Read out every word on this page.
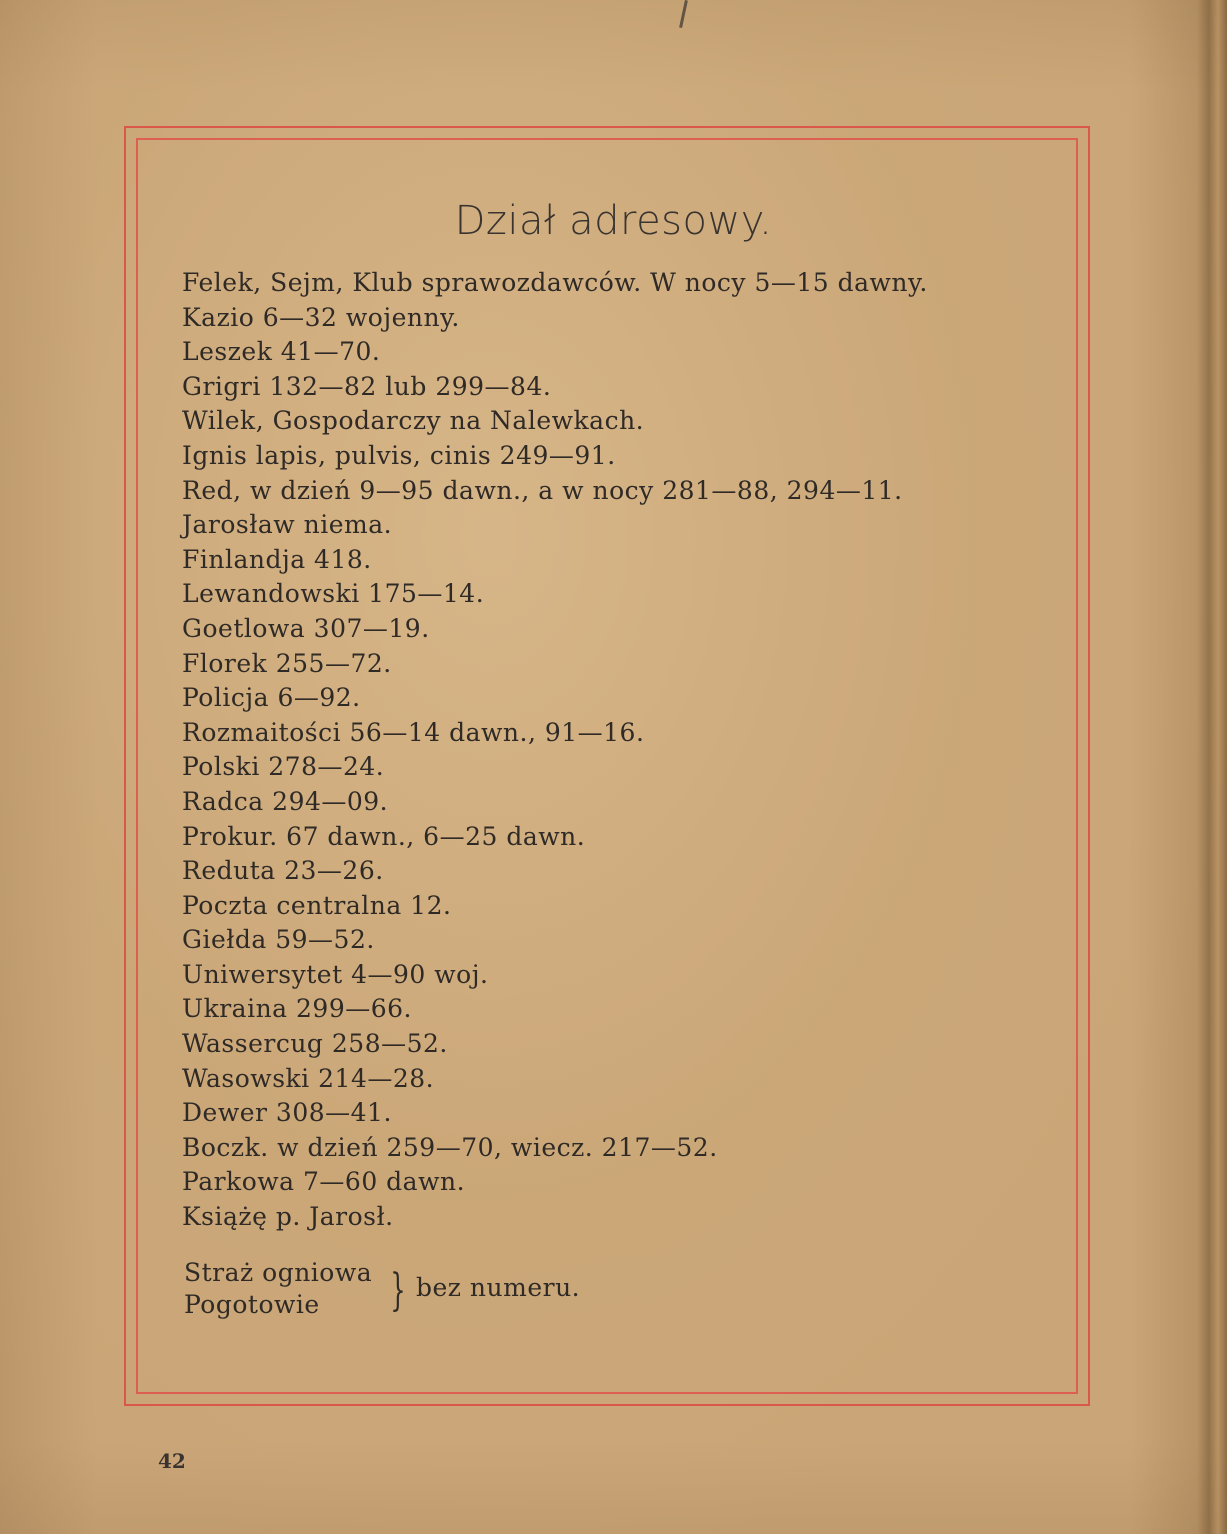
Dział adresowy.
Felek, Sejm, Klub sprawozdawców. W nocy 5—15 dawny.
Kazio 6—32 wojenny.
Leszek 41—70.
Grigri 132—82 lub 299—84.
Wilek, Gospodarczy na Nalewkach.
Ignis lapis, pulvis, cinis 249—91.
Red, w dzień 9—95 dawn., a w nocy 281—88, 294—11.
Jarosław niema.
Finlandja 418.
Lewandowski 175—14.
Goetlowa 307—19.
Florek 255—72.
Policja 6—92.
Rozmaitości 56—14 dawn., 91—16.
Polski 278—24.
Radca 294—09.
Prokur. 67 dawn., 6—25 dawn.
Reduta 23—26.
Poczta centralna 12.
Giełda 59—52.
Uniwersytet 4—90 woj.
Ukraina 299—66.
Wassercug 258—52.
Wasowski 214—28.
Dewer 308—41.
Boczk. w dzień 259—70, wiecz. 217—52.
Parkowa 7—60 dawn.
Książę p. Jarosł.
Straż ogniowa
Pogotowie	} bez numeru.
42
